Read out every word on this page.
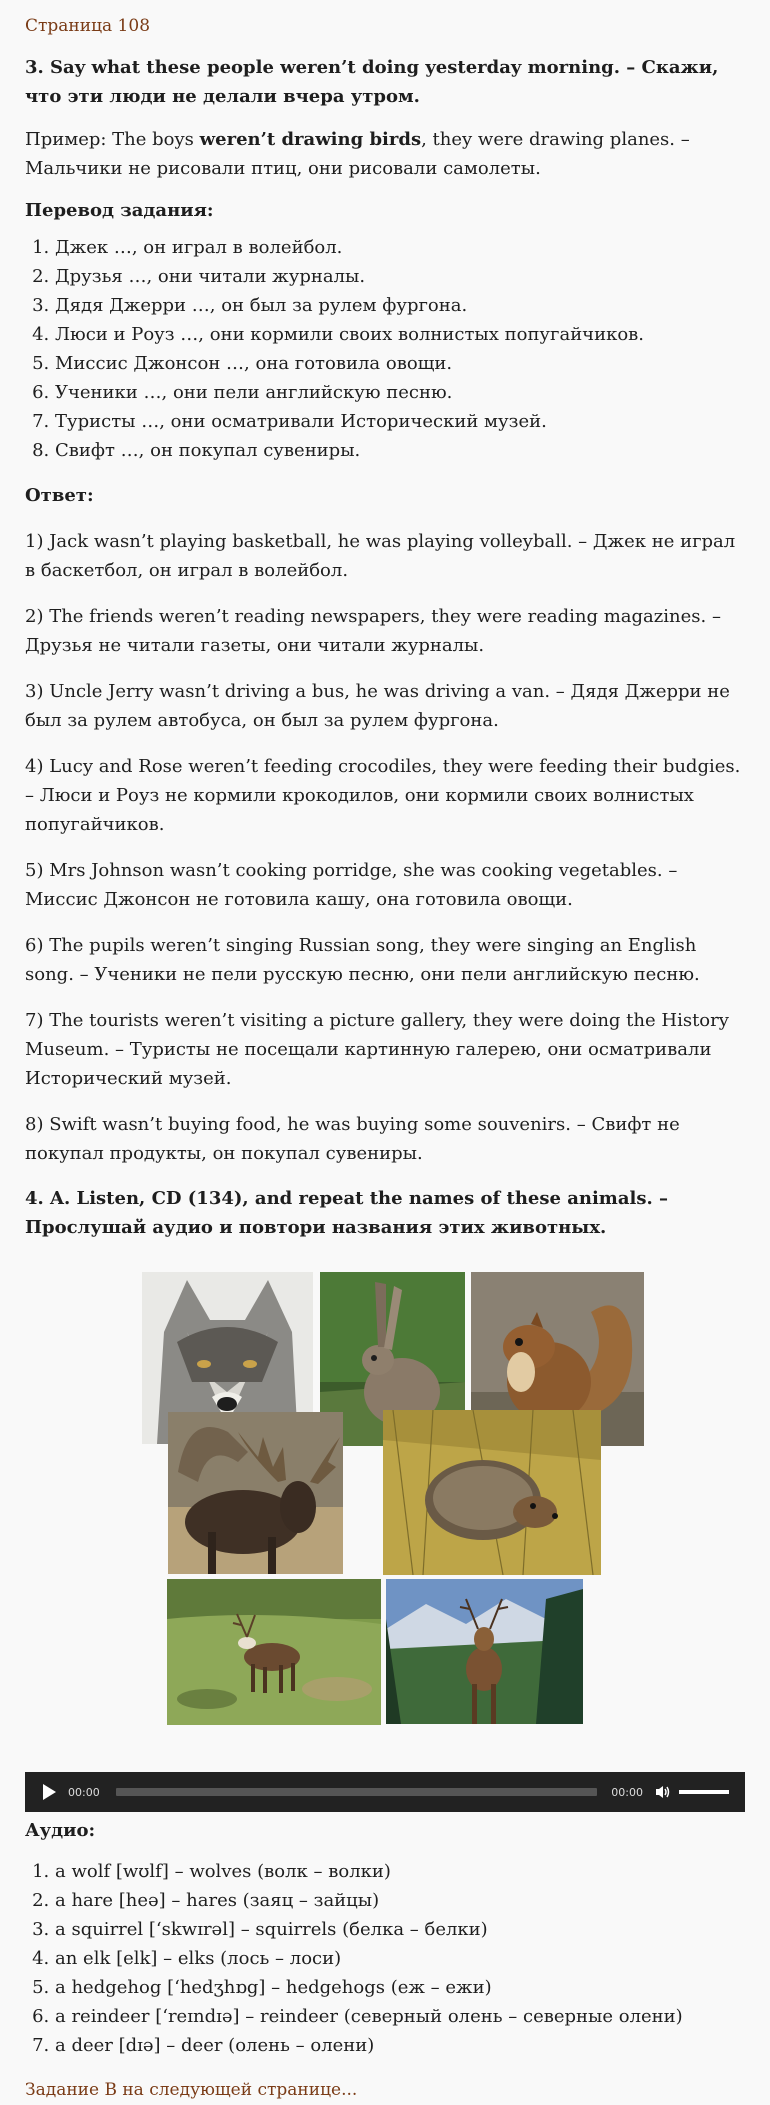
Страница 108

3. Say what these people weren’t doing yesterday morning. – Скажи, что эти люди не делали вчера утром.

Пример: The boys weren’t drawing birds, they were drawing planes. – Мальчики не рисовали птиц, они рисовали самолеты.

Перевод задания:

1. Джек …, он играл в волейбол.
2. Друзья …, они читали журналы.
3. Дядя Джерри …, он был за рулем фургона.
4. Люси и Роуз …, они кормили своих волнистых попугайчиков.
5. Миссис Джонсон …, она готовила овощи.
6. Ученики …, они пели английскую песню.
7. Туристы …, они осматривали Исторический музей.
8. Свифт …, он покупал сувениры.

Ответ:

1) Jack wasn’t playing basketball, he was playing volleyball. – Джек не играл в баскетбол, он играл в волейбол.

2) The friends weren’t reading newspapers, they were reading magazines. – Друзья не читали газеты, они читали журналы.

3) Uncle Jerry wasn’t driving a bus, he was driving a van. – Дядя Джерри не был за рулем автобуса, он был за рулем фургона.

4) Lucy and Rose weren’t feeding crocodiles, they were feeding their budgies. – Люси и Роуз не кормили крокодилов, они кормили своих волнистых попугайчиков.

5) Mrs Johnson wasn’t cooking porridge, she was cooking vegetables. – Миссис Джонсон не готовила кашу, она готовила овощи.

6) The pupils weren’t singing Russian song, they were singing an English song. – Ученики не пели русскую песню, они пели английскую песню.

7) The tourists weren’t visiting a picture gallery, they were doing the History Museum. – Туристы не посещали картинную галерею, они осматривали Исторический музей.

8) Swift wasn’t buying food, he was buying some souvenirs. – Свифт не покупал продукты, он покупал сувениры.

4. A. Listen, CD (134), and repeat the names of these animals. – Прослушай аудио и повтори названия этих животных.

00:00	00:00

Аудио:

1. a wolf [wʊlf] – wolves (волк – волки)
2. a hare [heə] – hares (заяц – зайцы)
3. a squirrel [‘skwɪrəl] – squirrels (белка – белки)
4. an elk [elk] – elks (лось – лоси)
5. a hedgehog [‘hedʒhɒg] – hedgehogs (еж – ежи)
6. a reindeer [‘reɪndɪə] – reindeer (северный олень – северные олени)
7. a deer [dɪə] – deer (олень – олени)
Задание В на следующей странице...
